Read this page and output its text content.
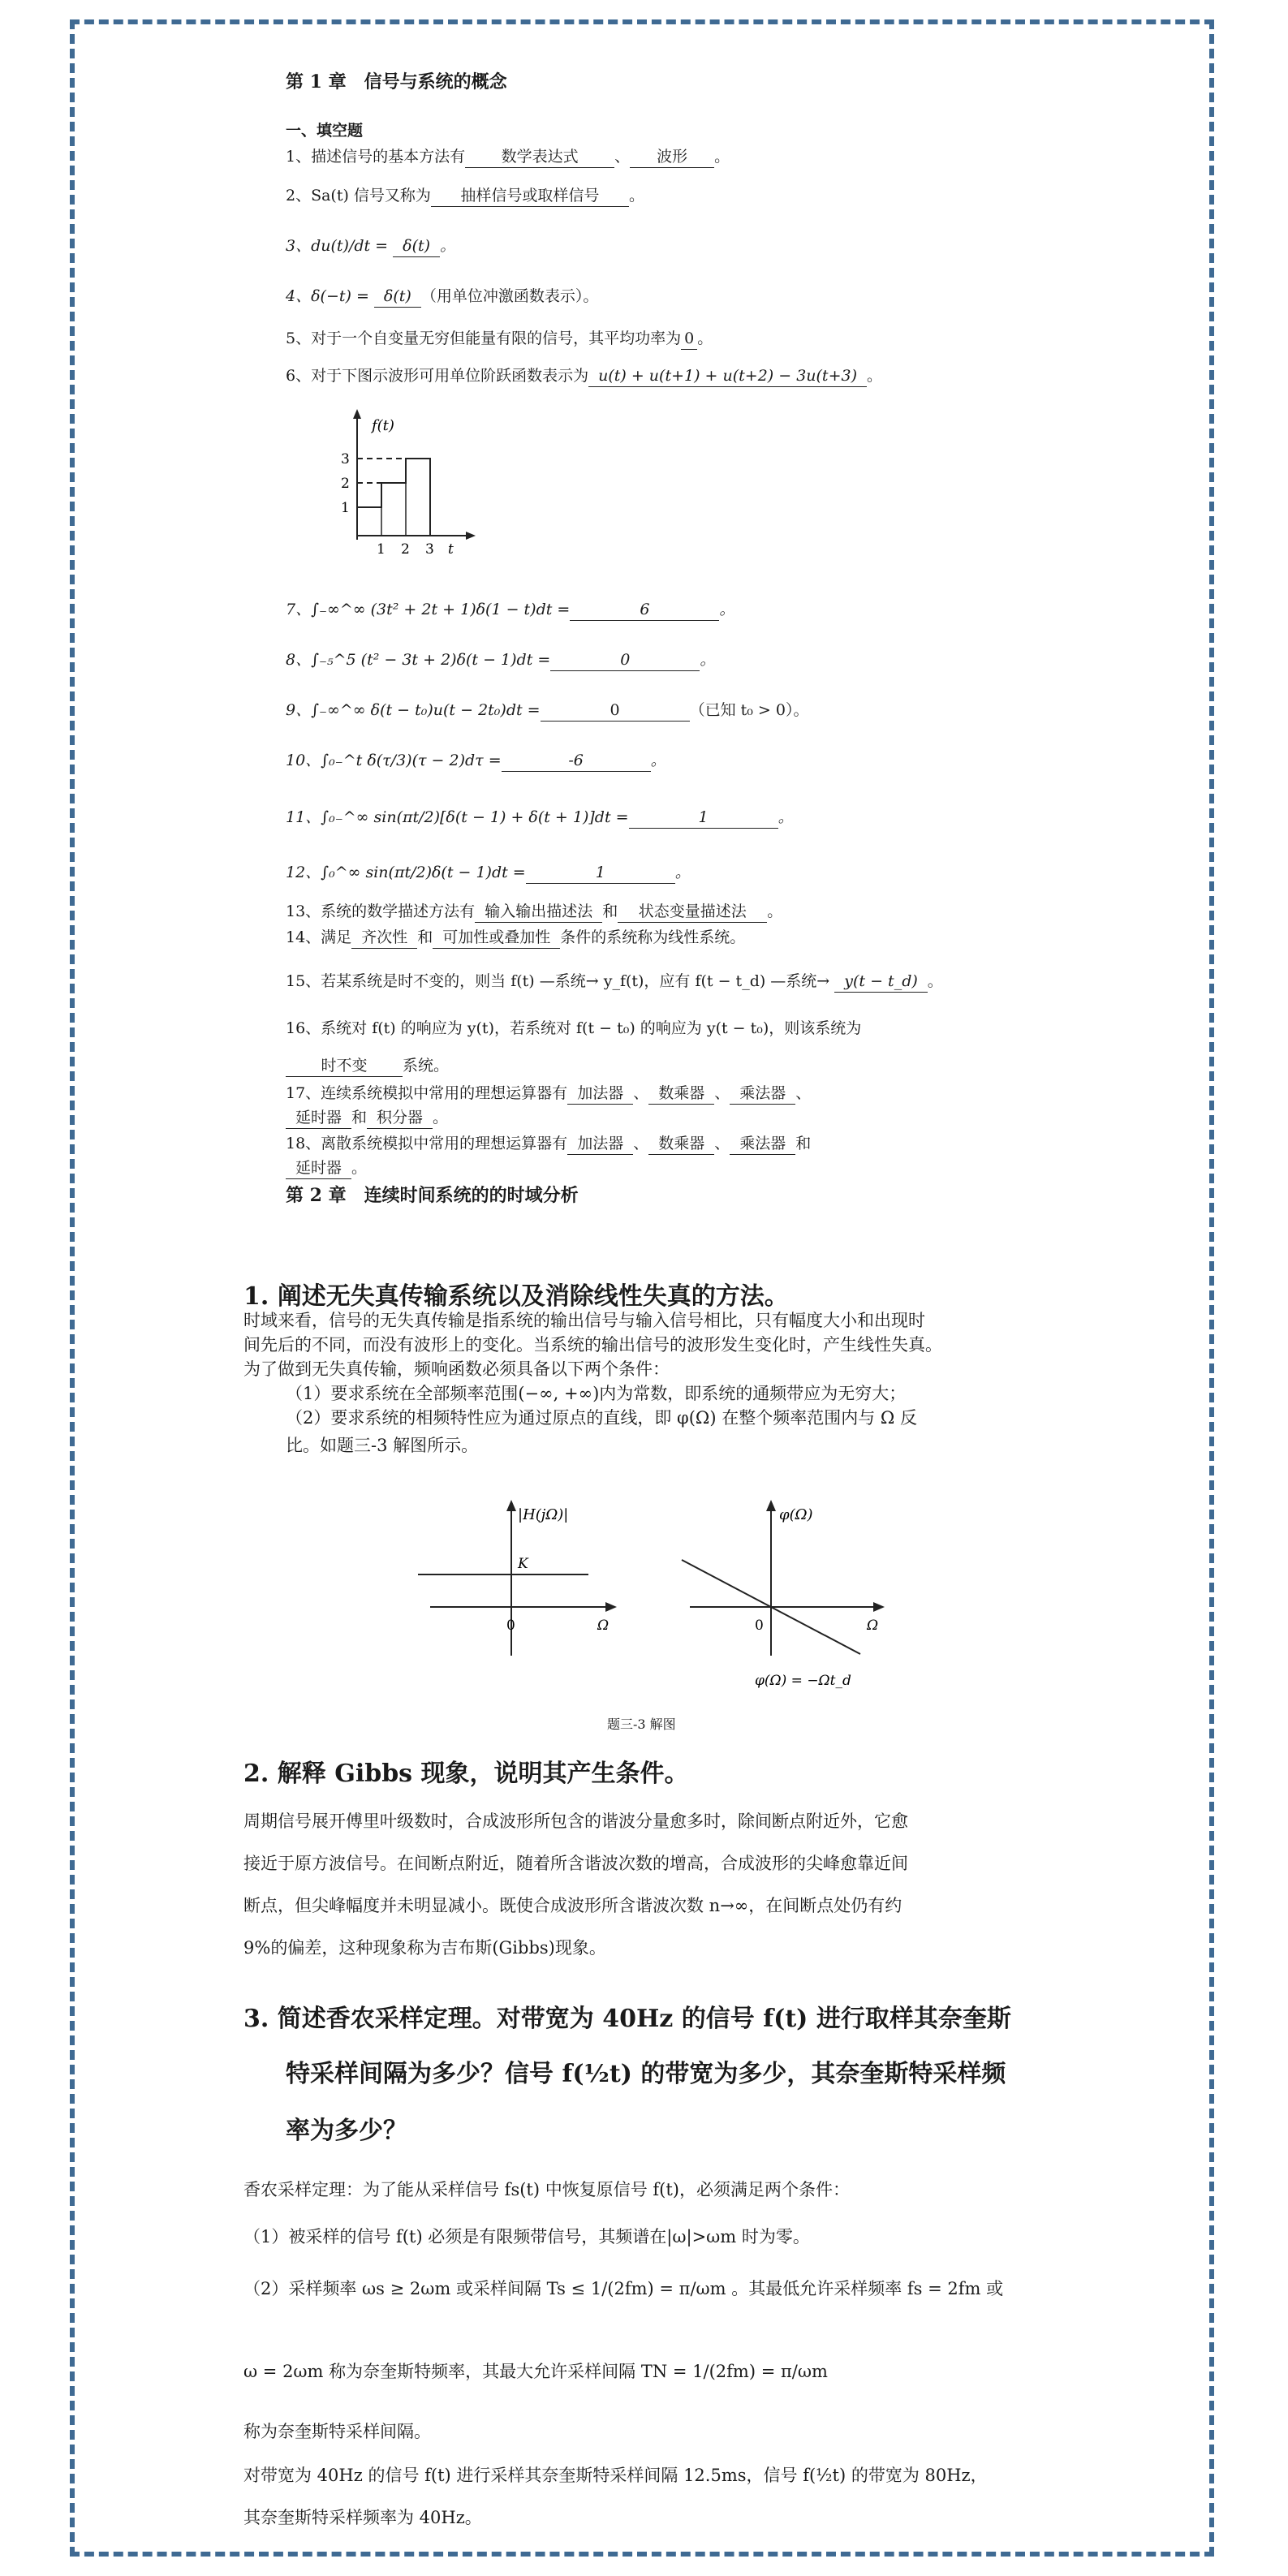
第 1 章　信号与系统的概念
一、填空题
1、描述信号的基本方法有 数学表达式 、 波形 。
2、Sa(t) 信号又称为 抽样信号或取样信号 。
3、du(t)/dt = δ(t) 。
4、δ(−t) = δ(t) （用单位冲激函数表示）。
5、对于一个自变量无穷但能量有限的信号，其平均功率为 0 。
6、对于下图示波形可用单位阶跃函数表示为 u(t) + u(t+1) + u(t+2) − 3u(t+3) 。
f(t)
1
2
3
1 2 3 t
7、∫₋∞^∞ (3t² + 2t + 1)δ(1 − t)dt =	6	。
8、∫₋₅^5 (t² − 3t + 2)δ(t − 1)dt =	0	。
9、∫₋∞^∞ δ(t − t₀)u(t − 2t₀)dt =	0	（已知 t₀ > 0）。
10、∫₀₋^t δ(τ/3)(τ − 2)dτ =	-6	。
11、∫₀₋^∞ sin(πt/2)[δ(t − 1) + δ(t + 1)]dt =	1	。
12、∫₀^∞ sin(πt/2)δ(t − 1)dt =	1	。
13、系统的数学描述方法有 输入输出描述法 和 状态变量描述法 。
14、满足 齐次性 和 可加性或叠加性 条件的系统称为线性系统。
15、若某系统是时不变的，则当 f(t) —系统→ y_f(t)，应有 f(t − t_d) —系统→ y(t − t_d) 。
16、系统对 f(t) 的响应为 y(t)，若系统对 f(t − t₀) 的响应为 y(t − t₀)，则该系统为
时不变 系统。
17、连续系统模拟中常用的理想运算器有 加法器 、 数乘器 、 乘法器 、
延时器 和 积分器 。
18、离散系统模拟中常用的理想运算器有 加法器 、 数乘器 、 乘法器 和
延时器 。
第 2 章　连续时间系统的的时域分析
1. 阐述无失真传输系统以及消除线性失真的方法。
时域来看，信号的无失真传输是指系统的输出信号与输入信号相比，只有幅度大小和出现时
间先后的不同，而没有波形上的变化。当系统的输出信号的波形发生变化时，产生线性失真。
为了做到无失真传输，频响函数必须具备以下两个条件：
（1）要求系统在全部频率范围(−∞, +∞)内为常数，即系统的通频带应为无穷大；
（2）要求系统的相频特性应为通过原点的直线，即 φ(Ω) 在整个频率范围内与 Ω 反
比。如题三-3 解图所示。
|H(jΩ)|
K
0	Ω
φ(Ω)
0	Ω
φ(Ω) = −Ωt_d
题三-3 解图
2. 解释 Gibbs 现象，说明其产生条件。
周期信号展开傅里叶级数时，合成波形所包含的谐波分量愈多时，除间断点附近外，它愈
接近于原方波信号。在间断点附近，随着所含谐波次数的增高，合成波形的尖峰愈靠近间
断点，但尖峰幅度并未明显减小。既使合成波形所含谐波次数 n→∞，在间断点处仍有约
9%的偏差，这种现象称为吉布斯(Gibbs)现象。
3. 简述香农采样定理。对带宽为 40Hz 的信号 f(t) 进行取样其奈奎斯
特采样间隔为多少？信号 f(½t) 的带宽为多少，其奈奎斯特采样频
率为多少？
香农采样定理：为了能从采样信号 fs(t) 中恢复原信号 f(t)，必须满足两个条件：
（1）被采样的信号 f(t) 必须是有限频带信号，其频谱在|ω|>ωm 时为零。
（2）采样频率 ωs ≥ 2ωm 或采样间隔 Ts ≤ 1/(2fm) = π/ωm 。其最低允许采样频率 fs = 2fm 或
ω = 2ωm 称为奈奎斯特频率，其最大允许采样间隔 TN = 1/(2fm) = π/ωm
称为奈奎斯特采样间隔。
对带宽为 40Hz 的信号 f(t) 进行采样其奈奎斯特采样间隔 12.5ms，信号 f(½t) 的带宽为 80Hz，
其奈奎斯特采样频率为 40Hz。
